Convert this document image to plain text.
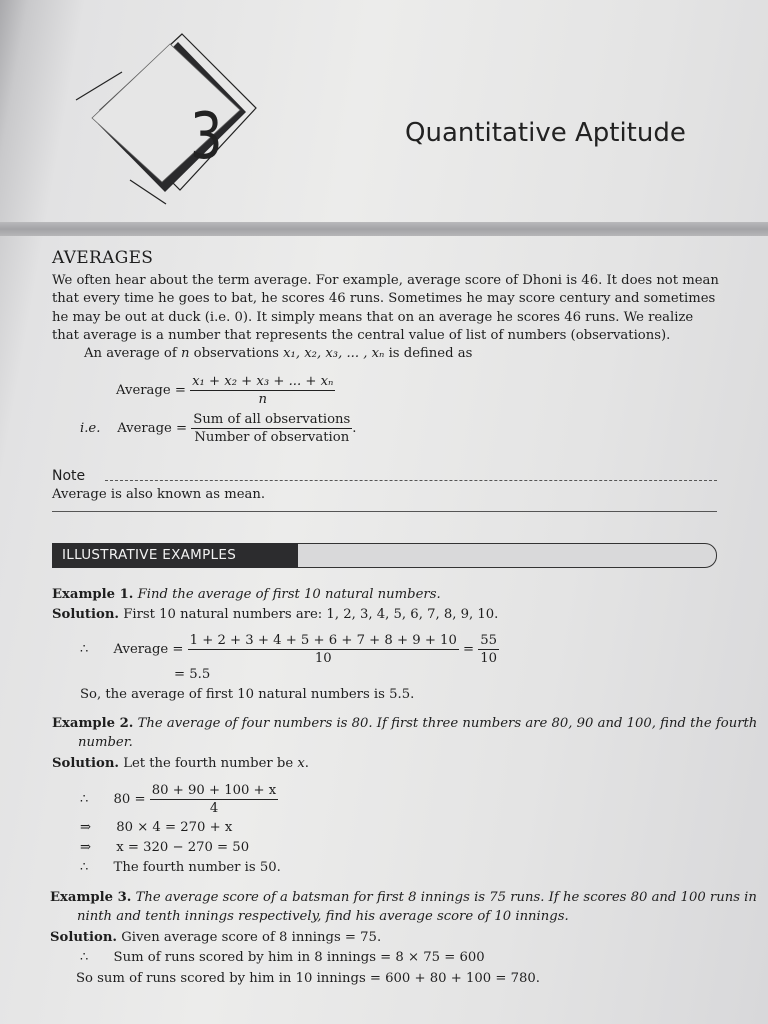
3	Quantitative Aptitude
AVERAGES
We often hear about the term average. For example, average score of Dhoni is 46. It does not mean that every time he goes to bat, he scores 46 runs. Sometimes he may score century and sometimes he may be out at duck (i.e. 0). It simply means that on an average he scores 46 runs. We realize that average is a number that represents the central value of list of numbers (observations).
An average of n observations x₁, x₂, x₃, ... , xₙ is defined as
Average = $\frac{\text{x₁ + x₂ + x₃ + ... + xₙ}}{n}$
i.e. Average = $\frac{\text{Sum of all observations}}{\text{Number of observation}}$ .
Note
Average is also known as mean.
ILLUSTRATIVE EXAMPLES
Example 1. Find the average of first 10 natural numbers.
Solution. First 10 natural numbers are: 1, 2, 3, 4, 5, 6, 7, 8, 9, 10.
∴ Average = $\frac{1 + 2 + 3 + 4 + 5 + 6 + 7 + 8 + 9 + 10}{10} = \frac{55}{10}$
= 5.5
So, the average of first 10 natural numbers is 5.5.
Example 2. The average of four numbers is 80. If first three numbers are 80, 90 and 100, find the fourth
number.
Solution. Let the fourth number be x.
∴ $80 = \frac{80 + 90 + 100 + x}{4}$
⇒ 80 × 4 = 270 + x
⇒ x = 320 − 270 = 50
∴ The fourth number is 50.
Example 3. The average score of a batsman for first 8 innings is 75 runs. If he scores 80 and 100 runs in
ninth and tenth innings respectively, find his average score of 10 innings.
Solution. Given average score of 8 innings = 75.
∴ Sum of runs scored by him in 8 innings = 8 × 75 = 600
So sum of runs scored by him in 10 innings = 600 + 80 + 100 = 780.
